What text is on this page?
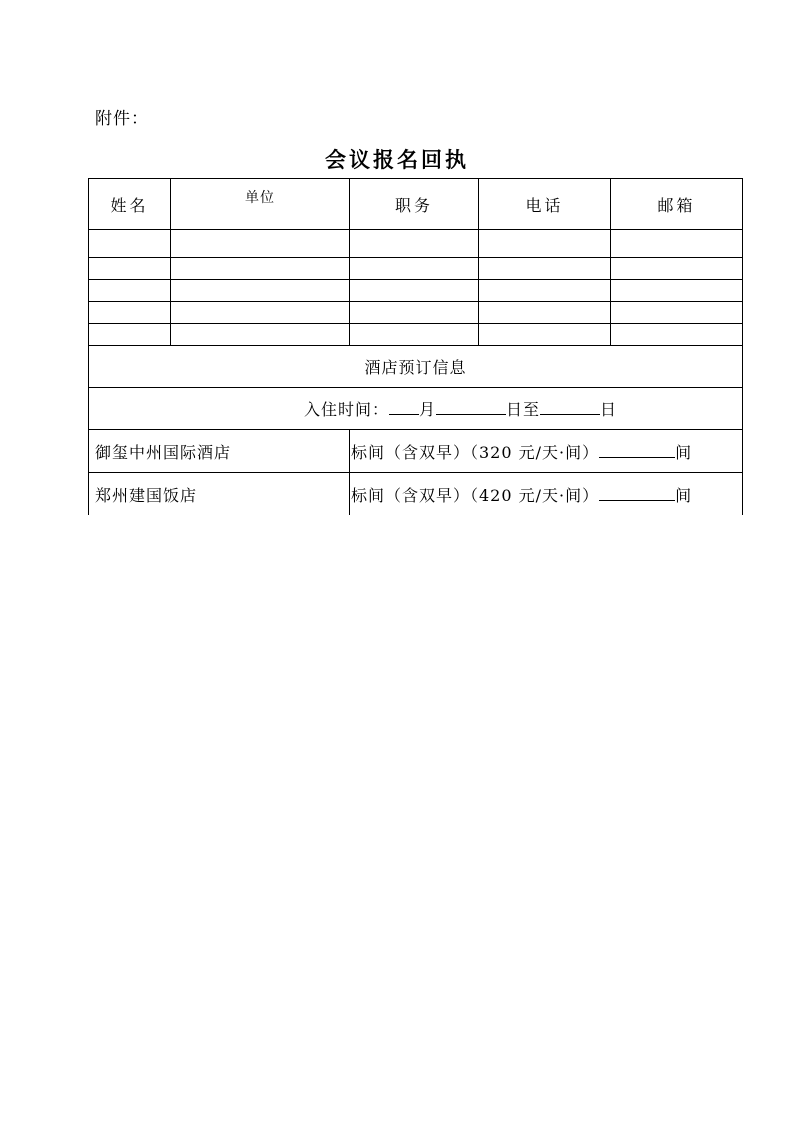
附件：
会议报名回执
姓名	单位	职务	电话	邮箱

酒店预订信息				
入住时间： 月 日至 日				
御玺中州国际酒店		标间（含双早）（320 元/天·间） 间		
郑州建国饭店		标间（含双早）（420 元/天·间） 间		
